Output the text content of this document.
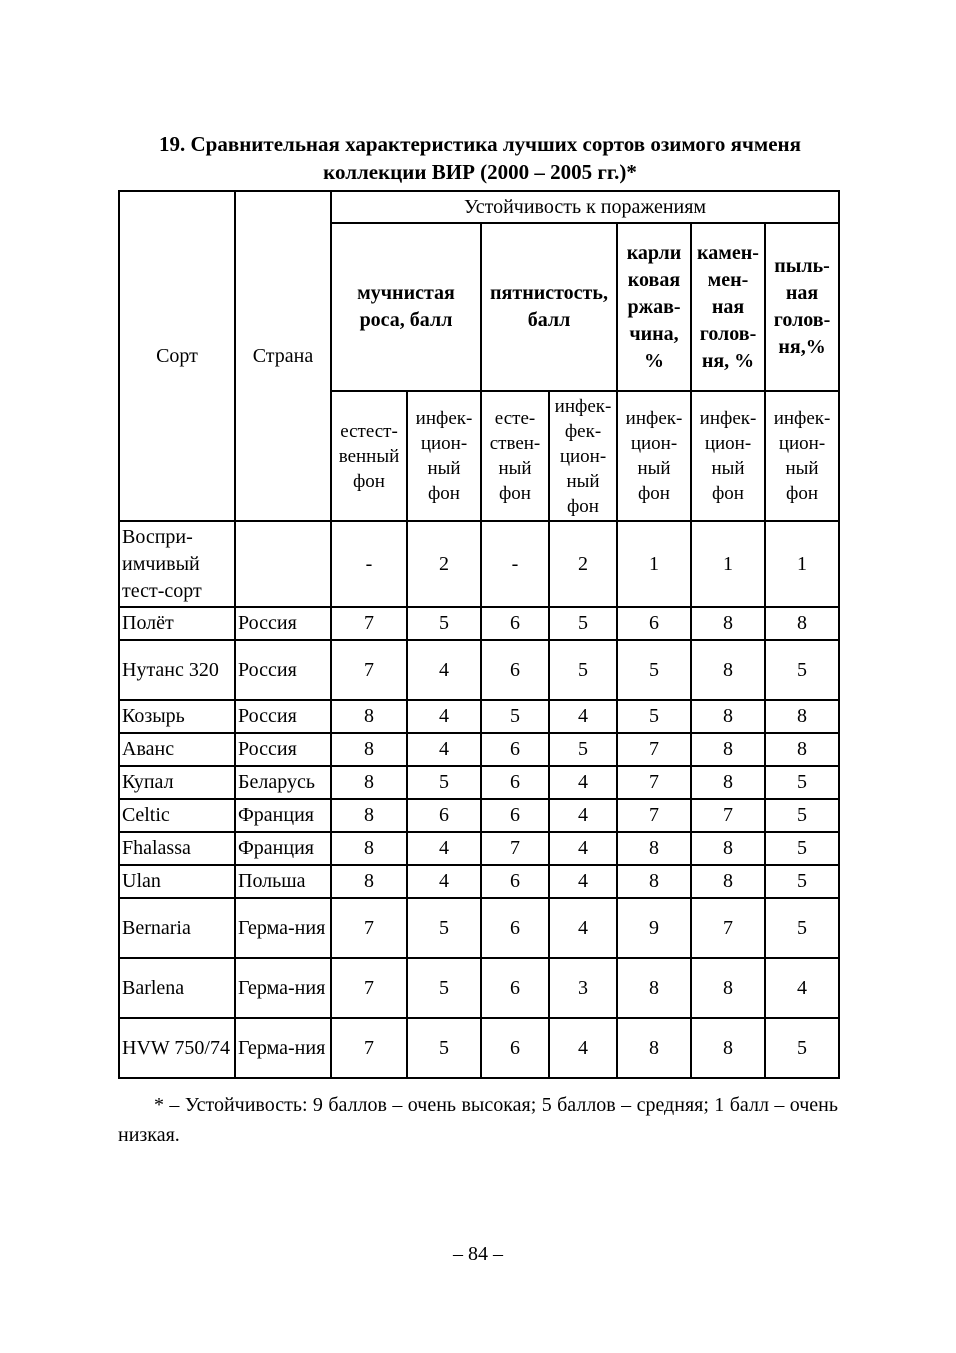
19. Сравнительная характеристика лучших сортов озимого ячменя
коллекции ВИР (2000 – 2005 гг.)*
Сорт	Страна	Устойчивость к поражениям						
		мучнистая роса, балл		пятнистость, балл		карли ковая ржав-чина, %	камен-мен-ная голов-ня, %	пыль-ная голов-ня,%
		естест-венный фон	инфек-цион-ный фон	есте-ствен-ный фон	инфек-фек-цион-ный фон	инфек-цион-ный фон	инфек-цион-ный фон	инфек-цион-ный фон
Воспри-имчивый тест-сорт		-	2	-	2	1	1	1
Полёт	Россия	7	5	6	5	6	8	8
Нутанс 320	Россия	7	4	6	5	5	8	5
Козырь	Россия	8	4	5	4	5	8	8
Аванс	Россия	8	4	6	5	7	8	8
Купал	Беларусь	8	5	6	4	7	8	5
Celtic	Франция	8	6	6	4	7	7	5
Fhalassa	Франция	8	4	7	4	8	8	5
Ulan	Польша	8	4	6	4	8	8	5
Bernaria	Герма-ния	7	5	6	4	9	7	5
Barlena	Герма-ния	7	5	6	3	8	8	4
HVW 750/74	Герма-ния	7	5	6	4	8	8	5
* – Устойчивость: 9 баллов – очень высокая; 5 баллов – средняя; 1 балл – очень низкая.
– 84 –
